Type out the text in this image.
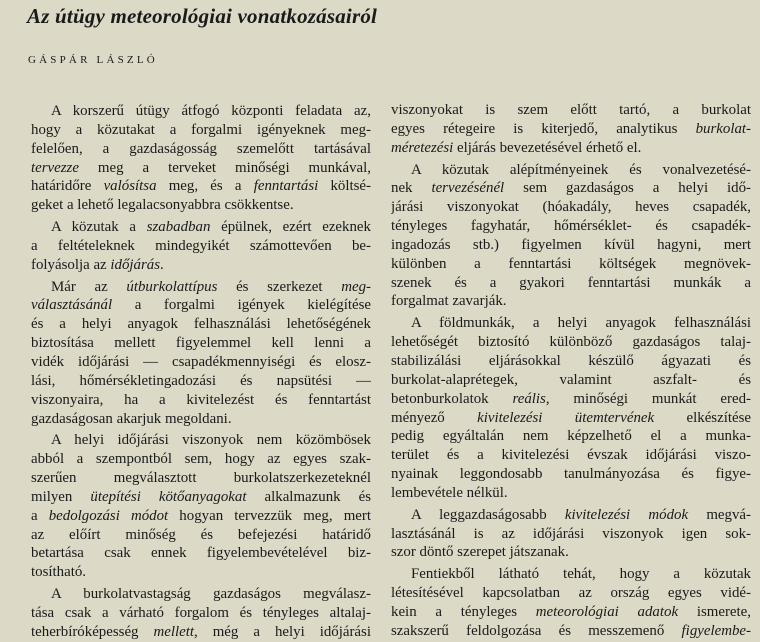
Az útügy meteorológiai vonatkozásairól

GÁSPÁR LÁSZLÓ

A korszerű útügy átfogó központi feladata az,
hogy a közutakat a forgalmi igényeknek meg-
felelően, a gazdaságosság szemelőtt tartásával
tervezze meg a terveket minőségi munkával,
határidőre valósítsa meg, és a fenntartási költsé-
geket a lehető legalacsonyabbra csökkentse.
A közutak a szabadban épülnek, ezért ezeknek
a feltételeknek mindegyikét számottevően be-
folyásolja az időjárás.
Már az útburkolattípus és szerkezet meg-
választásánál a forgalmi igények kielégítése
és a helyi anyagok felhasználási lehetőségének
biztosítása mellett figyelemmel kell lenni a
vidék időjárási — csapadékmennyiségi és elosz-
lási, hőmérsékletingadozási és napsütési —
viszonyaira, ha a kivitelezést és fenntartást
gazdaságosan akarjuk megoldani.
A helyi időjárási viszonyok nem közömbösek
abból a szempontból sem, hogy az egyes szak-
szerűen megválasztott burkolatszerkezeteknél
milyen ütepítési kötőanyagokat alkalmazunk és
a bedolgozási módot hogyan tervezzük meg, mert
az előírt minőség és befejezési határidő
betartása csak ennek figyelembevételével biz-
tosítható.
A burkolatvastagság gazdaságos megválasz-
tása csak a várható forgalom és tényleges altalaj-
teherbíróképesség mellett, még a helyi időjárási
viszonyokat is szem előtt tartó, a burkolat
egyes rétegeire is kiterjedő, analytikus burkolat-
méretezési eljárás bevezetésével érhető el.
A közutak alépítményeinek és vonalvezetésé-
nek tervezésénél sem gazdaságos a helyi idő-
járási viszonyokat (hóakadály, heves csapadék,
tényleges fagyhatár, hőmérséklet- és csapadék-
ingadozás stb.) figyelmen kívül hagyni, mert
különben a fenntartási költségek megnövek-
szenek és a gyakori fenntartási munkák a
forgalmat zavarják.
A földmunkák, a helyi anyagok felhasználási
lehetőségét biztosító különböző gazdaságos talaj-
stabilizálási eljárásokkal készülő ágyazati és
burkolat-alaprétegek, valamint aszfalt- és
betonburkolatok reális, minőségi munkát ered-
ményező kivitelezési ütemtervének elkészítése
pedig egyáltalán nem képzelhető el a munka-
terület és a kivitelezési évszak időjárási viszo-
nyainak leggondosabb tanulmányozása és figye-
lembevétele nélkül.
A leggazdaságosabb kivitelezési módok megvá-
lasztásánál is az időjárási viszonyok igen sok-
szor döntő szerepet játszanak.
Fentiekből látható tehát, hogy a közutak
létesítésével kapcsolatban az ország egyes vidé-
kein a tényleges meteorológiai adatok ismerete,
szakszerű feldolgozása és messzemenő figyelembe-
